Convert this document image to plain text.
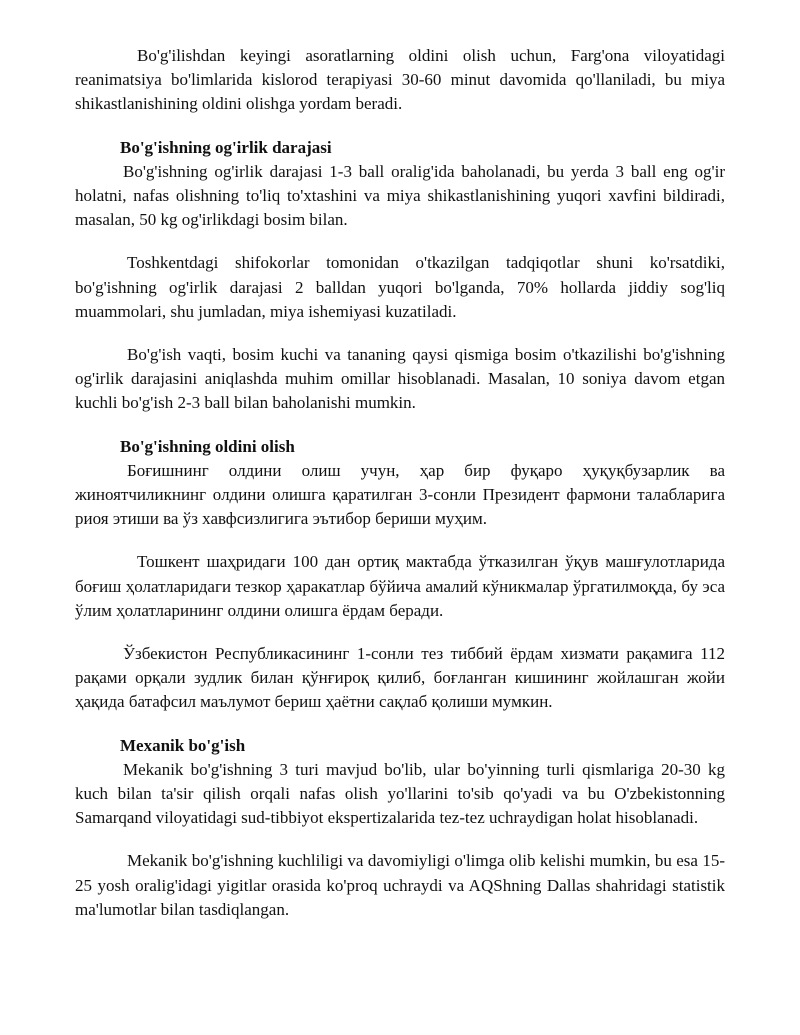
Bo'g'ilishdan keyingi asoratlarning oldini olish uchun, Farg'ona viloyatidagi reanimatsiya bo'limlarida kislorod terapiyasi 30-60 minut davomida qo'llaniladi, bu miya shikastlanishining oldini olishga yordam beradi.

Bo'g'ishning og'irlik darajasi

Bo'g'ishning og'irlik darajasi 1-3 ball oralig'ida baholanadi, bu yerda 3 ball eng og'ir holatni, nafas olishning to'liq to'xtashini va miya shikastlanishining yuqori xavfini bildiradi, masalan, 50 kg og'irlikdagi bosim bilan.

Toshkentdagi shifokorlar tomonidan o'tkazilgan tadqiqotlar shuni ko'rsatdiki, bo'g'ishning og'irlik darajasi 2 balldan yuqori bo'lganda, 70% hollarda jiddiy sog'liq muammolari, shu jumladan, miya ishemiyasi kuzatiladi.

Bo'g'ish vaqti, bosim kuchi va tananing qaysi qismiga bosim o'tkazilishi bo'g'ishning og'irlik darajasini aniqlashda muhim omillar hisoblanadi. Masalan, 10 soniya davom etgan kuchli bo'g'ish 2-3 ball bilan baholanishi mumkin.

Bo'g'ishning oldini olish

Боғишнинг олдини олиш учун, ҳар бир фуқаро ҳуқуқбузарлик ва жиноятчиликнинг олдини олишга қаратилган 3-сонли Президент фармони талабларига риоя этиши ва ўз хавфсизлигига эътибор бериши муҳим.

Тошкент шаҳридаги 100 дан ортиқ мактабда ўтказилган ўқув машғулотларида боғиш ҳолатларидаги тезкор ҳаракатлар бўйича амалий кўникмалар ўргатилмоқда, бу эса ўлим ҳолатларининг олдини олишга ёрдам беради.

Ўзбекистон Республикасининг 1-сонли тез тиббий ёрдам хизмати рақамига 112 рақами орқали зудлик билан қўнғироқ қилиб, боғланган кишининг жойлашган жойи ҳақида батафсил маълумот бериш ҳаётни сақлаб қолиши мумкин.

Mexanik bo'g'ish

Mekanik bo'g'ishning 3 turi mavjud bo'lib, ular bo'yinning turli qismlariga 20-30 kg kuch bilan ta'sir qilish orqali nafas olish yo'llarini to'sib qo'yadi va bu O'zbekistonning Samarqand viloyatidagi sud-tibbiyot ekspertizalarida tez-tez uchraydigan holat hisoblanadi.

Mekanik bo'g'ishning kuchliligi va davomiyligi o'limga olib kelishi mumkin, bu esa 15-25 yosh oralig'idagi yigitlar orasida ko'proq uchraydi va AQShning Dallas shahridagi statistik ma'lumotlar bilan tasdiqlangan.
